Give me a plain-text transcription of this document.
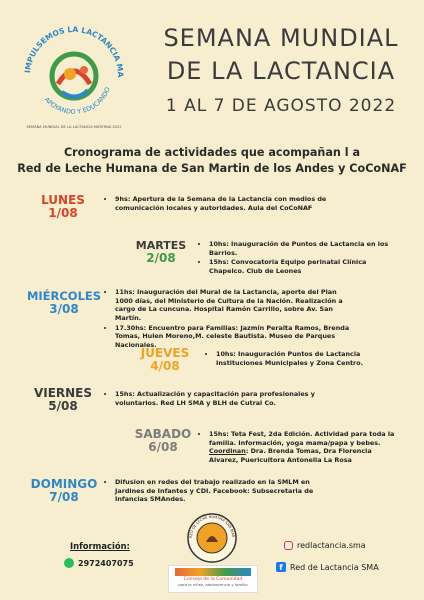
IMPULSEMOS LA LACTANCIA MA
APOYANDO Y EDUCANDO
SEMANA MUNDIAL DE LA LACTANCIA MATERNA 2022
SEMANA MUNDIAL
DE LA LACTANCIA
1 AL 7 DE AGOSTO 2022
Cronograma de actividades que acompañan l a
Red de Leche Humana de San Martin de los Andes y CoCoNAF
LUNES
1/08
• 9hs: Apertura de la Semana de la Lactancia con medios de comunicación locales y autoridades. Aula del CoCoNAF
MARTES
2/08
• 10hs: Inauguración de Puntos de Lactancia en los Barrios.
• 15hs: Convocatoria Equipo perinatal Clínica Chapelco. Club de Leones
MIÉRCOLES
3/08
• 11hs: Inauguración del Mural de la Lactancia, aporte del Plan 1000 días, del Ministerio de Cultura de la Nación. Realización a cargo de La cuncuna. Hospital Ramón Carrillo, sobre Av. San Martín.
• 17.30hs: Encuentro para Familias: Jazmín Peralta Ramos, Brenda Tomas, Hulen Moreno,M. celeste Bautista. Museo de Parques Nacionales.
JUEVES
4/08
• 10hs: Inauguración Puntos de Lactancia Instituciones Municipales y Zona Centro.
VIERNES
5/08
• 15hs: Actualización y capacitación para profesionales y voluntarios. Red LH SMA y BLH de Cutral Co.
SABADO
6/08
• 15hs: Teta Fest, 2da Edición. Actividad para toda la familia. Información, yoga mama/papa y bebes.
Coordinan: Dra. Brenda Tomas, Dra Florencia Alvarez, Puericultora Antonella La Rosa
DOMINGO
7/08
• Difusion en redes del trabajo realizado en la SMLM en Jardines de Infantes y CDI. Facebook: Subsecretaria de Infancias SMAndes.
Información:
2972407075
RED DE LECHE HUMANA SAN MAR
Consejo de la Comunidad
para la niñez, adolescencia y familia
redlactancia.sma
f Red de Lactancia SMA
